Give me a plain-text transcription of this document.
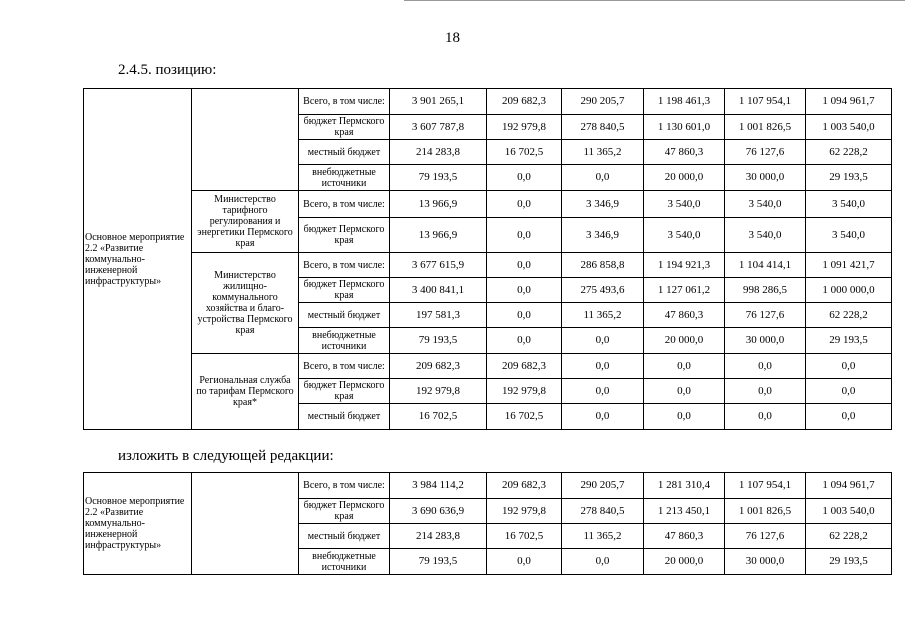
18
2.4.5. позицию:
Основное мероприятие 2.2 «Развитие коммунально-инженерной инфраструктуры»		Всего, в том числе:	3 901 265,1	209 682,3	290 205,7	1 198 461,3	1 107 954,1	1 094 961,7
		бюджет Пермского края	3 607 787,8	192 979,8	278 840,5	1 130 601,0	1 001 826,5	1 003 540,0
		местный бюджет	214 283,8	16 702,5	11 365,2	47 860,3	76 127,6	62 228,2
		внебюджетные источники	79 193,5	0,0	0,0	20 000,0	30 000,0	29 193,5
	Министерство тарифного регулирования и энергетики Пермского края	Всего, в том числе:	13 966,9	0,0	3 346,9	3 540,0	3 540,0	3 540,0
		бюджет Пермского края	13 966,9	0,0	3 346,9	3 540,0	3 540,0	3 540,0
	Министерство жилищно-коммунального хозяйства и благо-устройства Пермского края	Всего, в том числе:	3 677 615,9	0,0	286 858,8	1 194 921,3	1 104 414,1	1 091 421,7
		бюджет Пермского края	3 400 841,1	0,0	275 493,6	1 127 061,2	998 286,5	1 000 000,0
		местный бюджет	197 581,3	0,0	11 365,2	47 860,3	76 127,6	62 228,2
		внебюджетные источники	79 193,5	0,0	0,0	20 000,0	30 000,0	29 193,5
	Региональная служба по тарифам Пермского края*	Всего, в том числе:	209 682,3	209 682,3	0,0	0,0	0,0	0,0
		бюджет Пермского края	192 979,8	192 979,8	0,0	0,0	0,0	0,0
		местный бюджет	16 702,5	16 702,5	0,0	0,0	0,0	0,0
изложить в следующей редакции:
Основное мероприятие 2.2 «Развитие коммунально-инженерной инфраструктуры»		Всего, в том числе:	3 984 114,2	209 682,3	290 205,7	1 281 310,4	1 107 954,1	1 094 961,7
		бюджет Пермского края	3 690 636,9	192 979,8	278 840,5	1 213 450,1	1 001 826,5	1 003 540,0
		местный бюджет	214 283,8	16 702,5	11 365,2	47 860,3	76 127,6	62 228,2
		внебюджетные источники	79 193,5	0,0	0,0	20 000,0	30 000,0	29 193,5
